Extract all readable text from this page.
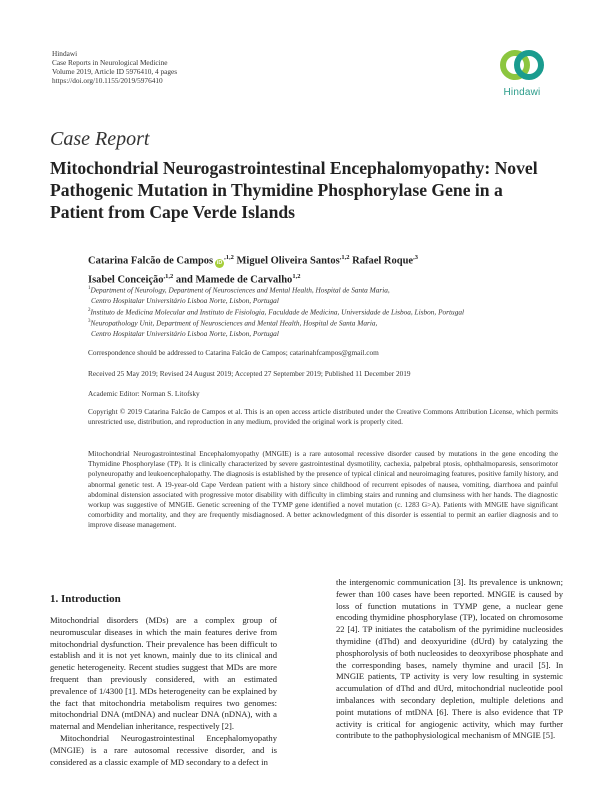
Hindawi
Case Reports in Neurological Medicine
Volume 2019, Article ID 5976410, 4 pages
https://doi.org/10.1155/2019/5976410
Hindawi
Case Report
Mitochondrial Neurogastrointestinal Encephalomyopathy: Novel Pathogenic Mutation in Thymidine Phosphorylase Gene in a Patient from Cape Verde Islands
Catarina Falcão de Campos $iD^{,1,2}$ Miguel Oliveira Santos$^{,1,2}$ Rafael Roque$^{,3}$
Isabel Conceição$^{,1,2}$ and Mamede de Carvalho$^{1,2}$
$^1$Department of Neurology, Department of Neurosciences and Mental Health, Hospital de Santa Maria,
Centro Hospitalar Universitário Lisboa Norte, Lisbon, Portugal
$^2$Instituto de Medicina Molecular and Instituto de Fisiologia, Faculdade de Medicina, Universidade de Lisboa, Lisbon, Portugal
$^3$Neuropathology Unit, Department of Neurosciences and Mental Health, Hospital de Santa Maria,
Centro Hospitalar Universitário Lisboa Norte, Lisbon, Portugal
Correspondence should be addressed to Catarina Falcão de Campos; catarinahfcampos@gmail.com
Received 25 May 2019; Revised 24 August 2019; Accepted 27 September 2019; Published 11 December 2019
Academic Editor: Norman S. Litofsky
Copyright © 2019 Catarina Falcão de Campos et al. This is an open access article distributed under the Creative Commons Attribution License, which permits unrestricted use, distribution, and reproduction in any medium, provided the original work is properly cited.
Mitochondrial Neurogastrointestinal Encephalomyopathy (MNGIE) is a rare autosomal recessive disorder caused by mutations in the gene encoding the Thymidine Phosphorylase (TP). It is clinically characterized by severe gastrointestinal dysmotility, cachexia, palpebral ptosis, ophthalmoparesis, sensorimotor polyneuropathy and leukoencephalopathy. The diagnosis is established by the presence of typical clinical and neuroimaging features, positive family history, and abnormal genetic test. A 19-year-old Cape Verdean patient with a history since childhood of recurrent episodes of nausea, vomiting, diarrhoea and painful abdominal distension associated with progressive motor disability with difficulty in climbing stairs and running and clumsiness with her hands. The diagnostic workup was suggestive of MNGIE. Genetic screening of the TYMP gene identified a novel mutation (c. 1283 G>A). Patients with MNGIE have significant comorbidity and mortality, and they are frequently misdiagnosed. A better acknowledgment of this disorder is essential to permit an earlier diagnosis and to improve disease management.
1. Introduction

Mitochondrial disorders (MDs) are a complex group of neuromuscular diseases in which the main features derive from mitochondrial dysfunction. Their prevalence has been difficult to establish and it is not yet known, mainly due to its clinical and genetic heterogeneity. Recent studies suggest that MDs are more frequent than previously considered, with an estimated prevalence of 1/4300 [1]. MDs heterogeneity can be explained by the fact that mitochondria metabolism requires two genomes: mitochondrial DNA (mtDNA) and nuclear DNA (nDNA), with a maternal and Mendelian inheritance, respectively [2].

Mitochondrial Neurogastrointestinal Encephalomyopathy (MNGIE) is a rare autosomal recessive disorder, and is considered as a classic example of MD secondary to a defect in

the intergenomic communication [3]. Its prevalence is unknown; fewer than 100 cases have been reported. MNGIE is caused by loss of function mutations in TYMP gene, a nuclear gene encoding thymidine phosphorylase (TP), located on chromosome 22 [4]. TP initiates the catabolism of the pyrimidine nucleosides thymidine (dThd) and deoxyuridine (dUrd) by catalyzing the phosphorolysis of both nucleosides to deoxyribose phosphate and the corresponding bases, namely thymine and uracil [5]. In MNGIE patients, TP activity is very low resulting in systemic accumulation of dThd and dUrd, mitochondrial nucleotide pool imbalances with secondary depletion, multiple deletions and point mutations of mtDNA [6]. There is also evidence that TP activity is critical for angiogenic activity, which may further contribute to the pathophysiological mechanism of MNGIE [5].
